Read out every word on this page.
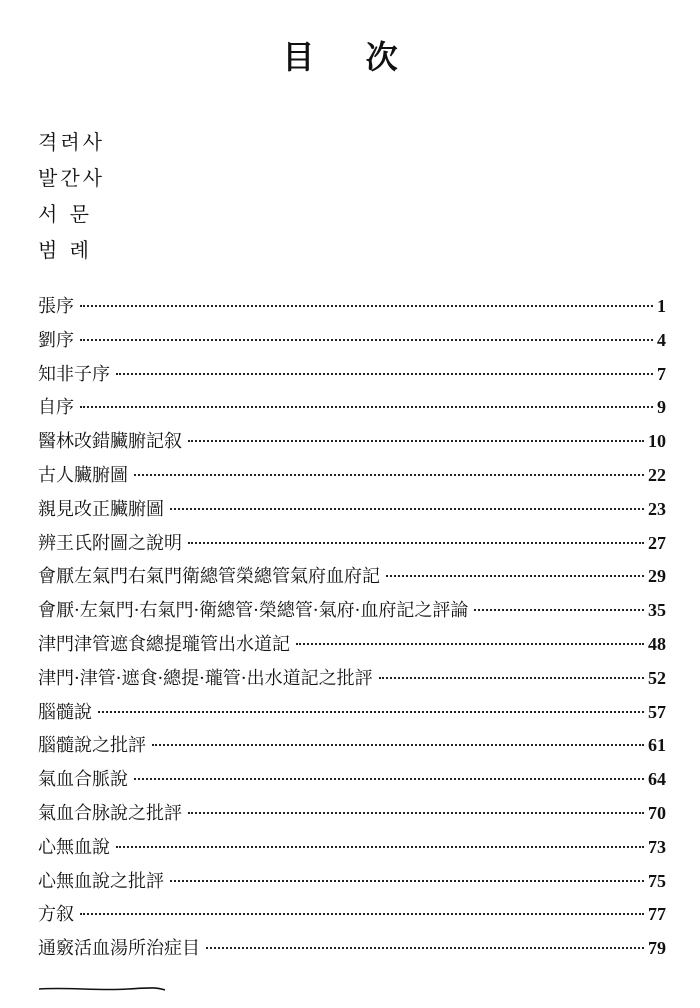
目 次
격려사
발간사
서 문
범 례
張序	1
劉序	4
知非子序	7
自序	9
醫林改錯臟腑記叙	10
古人臟腑圖	22
親見改正臟腑圖	23
辨王氏附圖之說明	27
會厭左氣門右氣門衛總管榮總管氣府血府記	29
會厭·左氣門·右氣門·衛總管·榮總管·氣府·血府記之評論	35
津門津管遮食總提瓏管出水道記	48
津門·津管·遮食·總提·瓏管·出水道記之批評	52
腦髓說	57
腦髓說之批評	61
氣血合脈說	64
氣血合脉說之批評	70
心無血說	73
心無血說之批評	75
方叙	77
通竅活血湯所治症目	79
